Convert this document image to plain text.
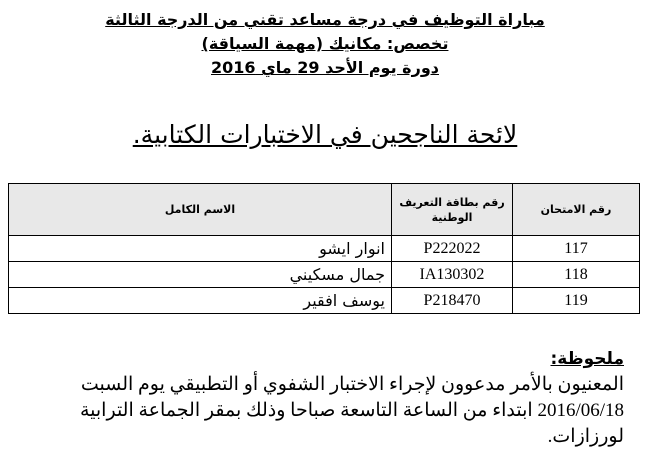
مباراة التوظيف في درجة مساعد تقني من الدرجة الثالثة
تخصص: مكانيك (مهمة السياقة)
دورة يوم الأحد 29 ماي 2016
لائحة الناجحين في الاختبارات الكتابية.
رقم الامتحان	رقم بطاقة التعريف الوطنية	الاسم الكامل
117	P222022	انوار ايشو
118	IA130302	جمال مسكيني
119	P218470	يوسف افقير
ملحوظة:
المعنيون بالأمر مدعوون لإجراء الاختبار الشفوي أو التطبيقي يوم السبت
2016/06/18 ابتداء من الساعة التاسعة صباحا وذلك بمقر الجماعة الترابية
لورزازات.
